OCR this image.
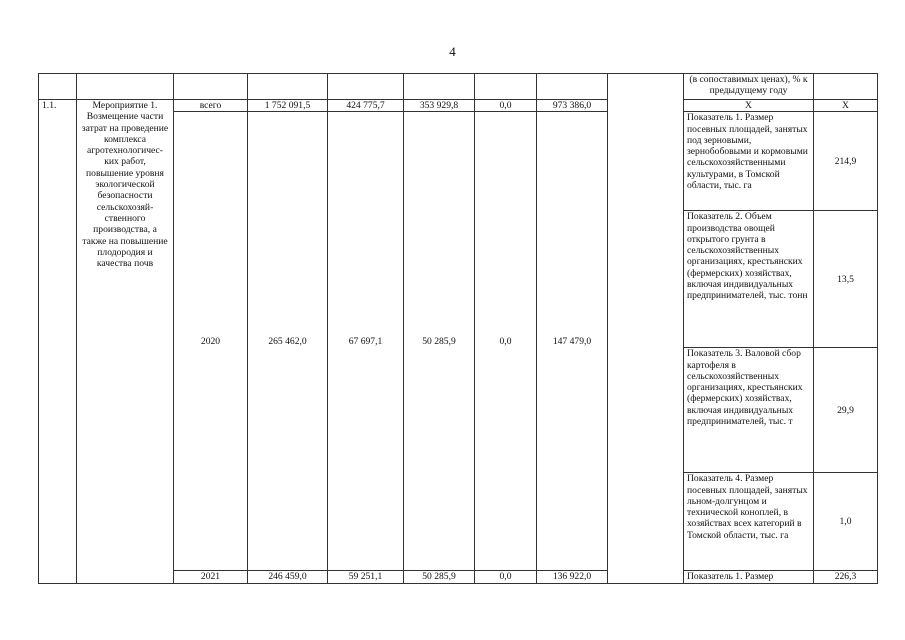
4
									(в сопоставимых ценах), % к предыдущему году	
1.1.	Мероприятие 1. Возмещение части затрат на проведение комплекса агротехнологичес-ких работ, повышение уровня экологической безопасности сельскохозяй-ственного производства, а также на повышение плодородия и качества почв	всего	1 752 091,5	424 775,7	353 929,8	0,0	973 386,0		Х	Х
		2020	265 462,0	67 697,1	50 285,9	0,0	147 479,0		Показатель 1. Размер посевных площадей, занятых под зерновыми, зернобобовыми и кормовыми сельскохозяйственными культурами, в Томской области, тыс. га	214,9
									Показатель 2. Объем производства овощей открытого грунта в сельскохозяйственных организациях, крестьянских (фермерских) хозяйствах, включая индивидуальных предпринимателей, тыс. тонн	13,5
									Показатель 3. Валовой сбор картофеля в сельскохозяйственных организациях, крестьянских (фермерских) хозяйствах, включая индивидуальных предпринимателей, тыс. т	29,9
									Показатель 4. Размер посевных площадей, занятых льном-долгунцом и технической коноплей, в хозяйствах всех категорий в Томской области, тыс. га	1,0
		2021	246 459,0	59 251,1	50 285,9	0,0	136 922,0		Показатель 1. Размер	226,3
